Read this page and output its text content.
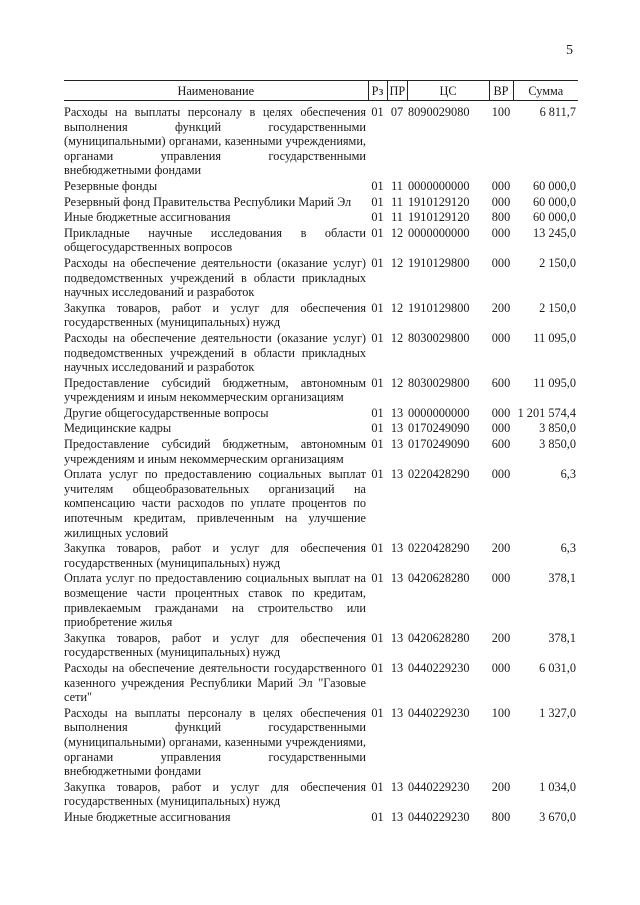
5
Наименование	Рз	ПР	ЦС	ВР	Сумма

Расходы на выплаты персоналу в целях обеспечения выполнения функций государственными (муниципальными) органами, казенными учреждениями, органами управления государственными внебюджетными фондами	01	07	8090029080	100	6 811,7
Резервные фонды	01	11	0000000000	000	60 000,0
Резервный фонд Правительства Республики Марий Эл	01	11	1910129120	000	60 000,0
Иные бюджетные ассигнования	01	11	1910129120	800	60 000,0
Прикладные научные исследования в области общегосударственных вопросов	01	12	0000000000	000	13 245,0
Расходы на обеспечение деятельности (оказание услуг) подведомственных учреждений в области прикладных научных исследований и разработок	01	12	1910129800	000	2 150,0
Закупка товаров, работ и услуг для обеспечения государственных (муниципальных) нужд	01	12	1910129800	200	2 150,0
Расходы на обеспечение деятельности (оказание услуг) подведомственных учреждений в области прикладных научных исследований и разработок	01	12	8030029800	000	11 095,0
Предоставление субсидий бюджетным, автономным учреждениям и иным некоммерческим организациям	01	12	8030029800	600	11 095,0
Другие общегосударственные вопросы	01	13	0000000000	000	1 201 574,4
Медицинские кадры	01	13	0170249090	000	3 850,0
Предоставление субсидий бюджетным, автономным учреждениям и иным некоммерческим организациям	01	13	0170249090	600	3 850,0
Оплата услуг по предоставлению социальных выплат учителям общеобразовательных организаций на компенсацию части расходов по уплате процентов по ипотечным кредитам, привлеченным на улучшение жилищных условий	01	13	0220428290	000	6,3
Закупка товаров, работ и услуг для обеспечения государственных (муниципальных) нужд	01	13	0220428290	200	6,3
Оплата услуг по предоставлению социальных выплат на возмещение части процентных ставок по кредитам, привлекаемым гражданами на строительство или приобретение жилья	01	13	0420628280	000	378,1
Закупка товаров, работ и услуг для обеспечения государственных (муниципальных) нужд	01	13	0420628280	200	378,1
Расходы на обеспечение деятельности государственного казенного учреждения Республики Марий Эл "Газовые сети"	01	13	0440229230	000	6 031,0
Расходы на выплаты персоналу в целях обеспечения выполнения функций государственными (муниципальными) органами, казенными учреждениями, органами управления государственными внебюджетными фондами	01	13	0440229230	100	1 327,0
Закупка товаров, работ и услуг для обеспечения государственных (муниципальных) нужд	01	13	0440229230	200	1 034,0
Иные бюджетные ассигнования	01	13	0440229230	800	3 670,0
